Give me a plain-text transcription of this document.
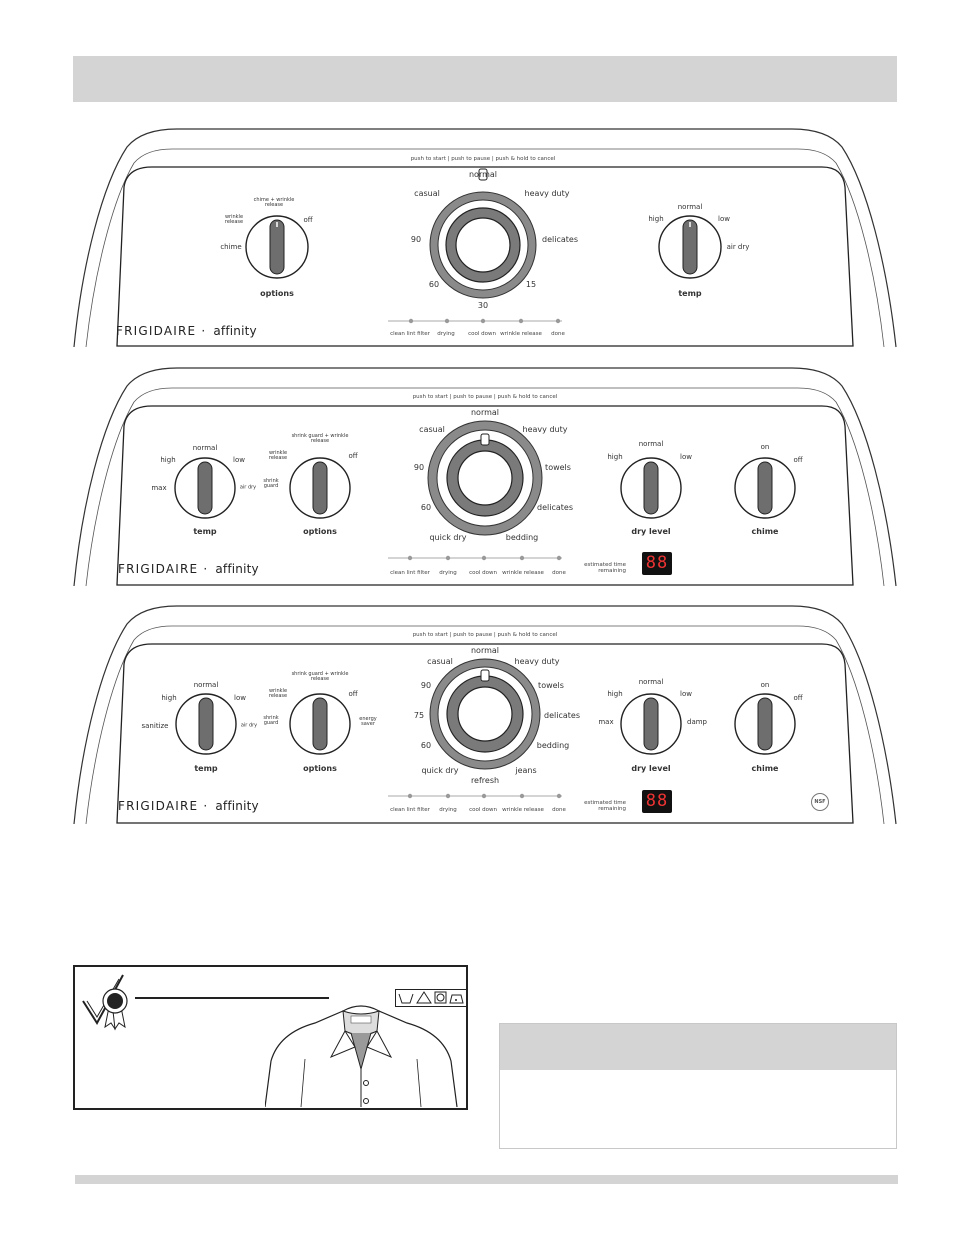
push to start | push to pause | push & hold to cancel
chime
wrinkle release
chime + wrinkle release
off
options
high
normal
low
air dry
temp
normal
heavy duty
delicates
15
30
60
90
casual
clean lint filter drying cool down wrinkle release done
FRIGIDAIRE · affinity
push to start | push to pause | push & hold to cancel
max
high
normal
low
air dry
temp
shrink guard
wrinkle release
shrink guard + wrinkle release
off
options
high
normal
low
dry level
on
off
chime
normal
heavy duty
towels
delicates
bedding
quick dry
60
90
casual
clean lint filter drying cool down wrinkle release done
estimated time remaining 88
FRIGIDAIRE · affinity
push to start | push to pause | push & hold to cancel
sanitize
high
normal
low
air dry
temp
shrink guard
wrinkle release
shrink guard + wrinkle release
off
energy saver
options
max
high
normal
low
damp
dry level
on
off
chime
normal
heavy duty
towels
delicates
bedding
jeans
refresh
quick dry
60
75
90
casual
clean lint filter drying cool down wrinkle release done
estimated time remaining 88	NSF
FRIGIDAIRE · affinity
